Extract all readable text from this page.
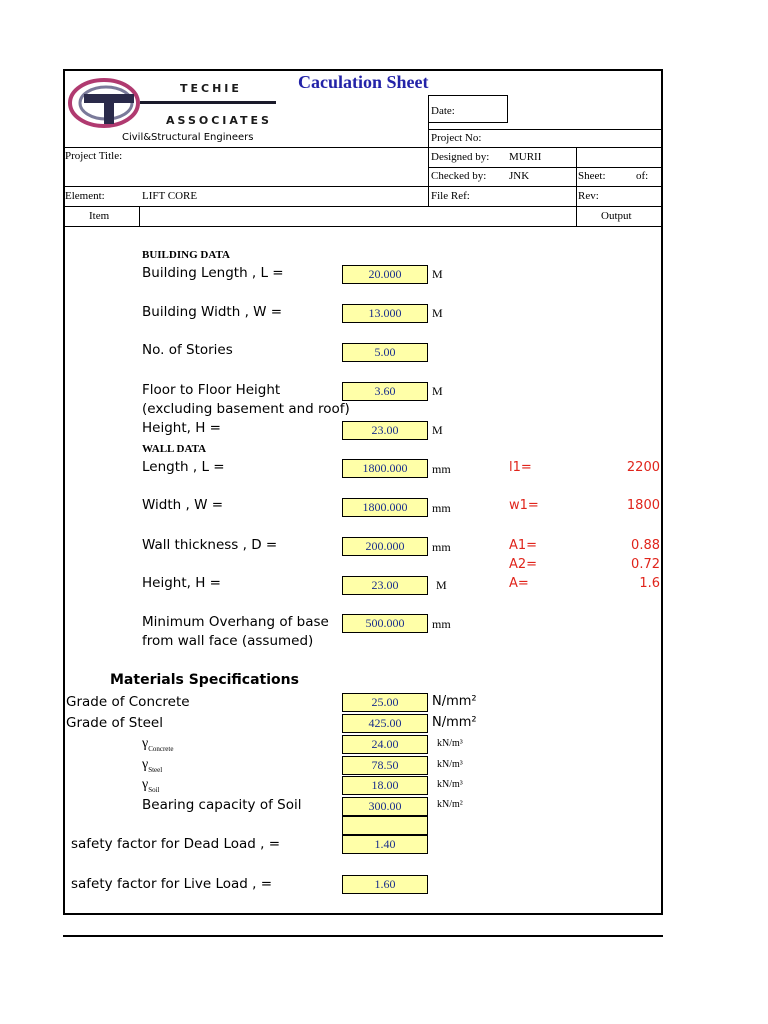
TECHIE
ASSOCIATES
Civil&Structural Engineers
Caculation Sheet
Date:
Project No:
Project Title:	Designed by: MURII
Checked by: JNK	Sheet:	of:
Element:	LIFT CORE	File Ref:	Rev:
Item	Output
BUILDING DATA
Building Length , L =	20.000	M
Building Width , W =	13.000	M
No. of Stories	5.00
Floor to Floor Height
(excluding basement and roof)
3.60	M
Height, H =	23.00	M
WALL DATA
Length , L =	1800.000	mm	l1=	2200
Width , W =	1800.000	mm	w1=	1800
Wall thickness , D =	200.000	mm	A1=	0.88
A2=	0.72
Height, H =	23.00	M	A=	1.6
Minimum Overhang of base
from wall face (assumed)
500.000	mm
Materials Specifications
Grade of Concrete	25.00	N/mm²
Grade of Steel	425.00	N/mm²
$\gamma_{Concrete}$	24.00	kN/m³
$\gamma_{Steel}$	78.50	kN/m³
$\gamma_{Soil}$	18.00	kN/m³
Bearing capacity of Soil	300.00	kN/m²
safety factor for Dead Load , =	1.40
safety factor for Live Load , =	1.60
